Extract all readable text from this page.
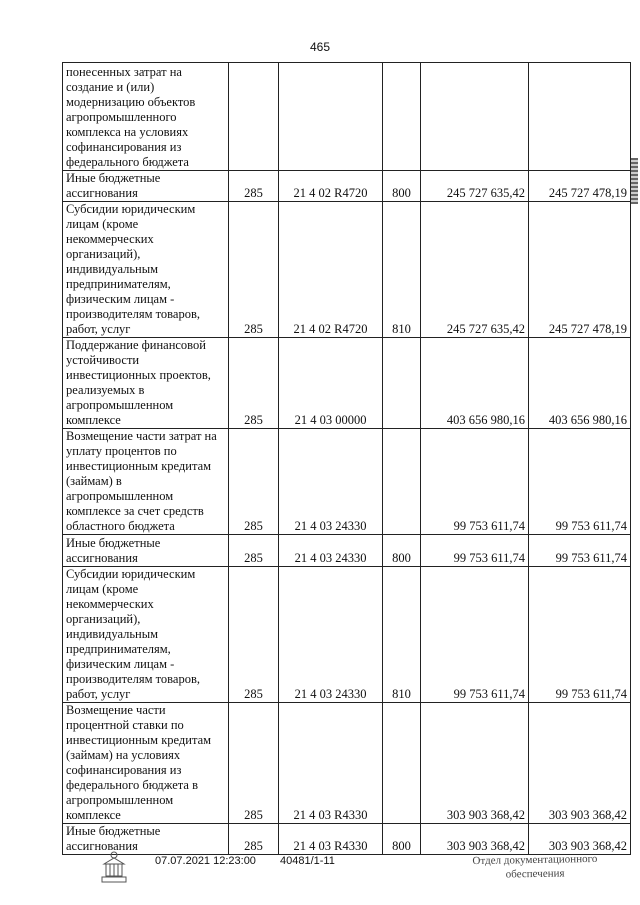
465
понесенных затрат на создание и (или) модернизацию объектов агропромышленного комплекса на условиях софинансирования из федерального бюджета					
Иные бюджетные ассигнования	285	21 4 02 R4720	800	245 727 635,42	245 727 478,19
Субсидии юридическим лицам (кроме некоммерческих организаций), индивидуальным предпринимателям, физическим лицам - производителям товаров, работ, услуг	285	21 4 02 R4720	810	245 727 635,42	245 727 478,19
Поддержание финансовой устойчивости инвестиционных проектов, реализуемых в агропромышленном комплексе	285	21 4 03 00000		403 656 980,16	403 656 980,16
Возмещение части затрат на уплату процентов по инвестиционным кредитам (займам) в агропромышленном комплексе за счет средств областного бюджета	285	21 4 03 24330		99 753 611,74	99 753 611,74
Иные бюджетные ассигнования	285	21 4 03 24330	800	99 753 611,74	99 753 611,74
Субсидии юридическим лицам (кроме некоммерческих организаций), индивидуальным предпринимателям, физическим лицам - производителям товаров, работ, услуг	285	21 4 03 24330	810	99 753 611,74	99 753 611,74
Возмещение части процентной ставки по инвестиционным кредитам (займам) на условиях софинансирования из федерального бюджета в агропромышленном комплексе	285	21 4 03 R4330		303 903 368,42	303 903 368,42
Иные бюджетные ассигнования	285	21 4 03 R4330	800	303 903 368,42	303 903 368,42
07.07.2021 12:23:00 40481/1-11	Отдел документационного обеспечения
